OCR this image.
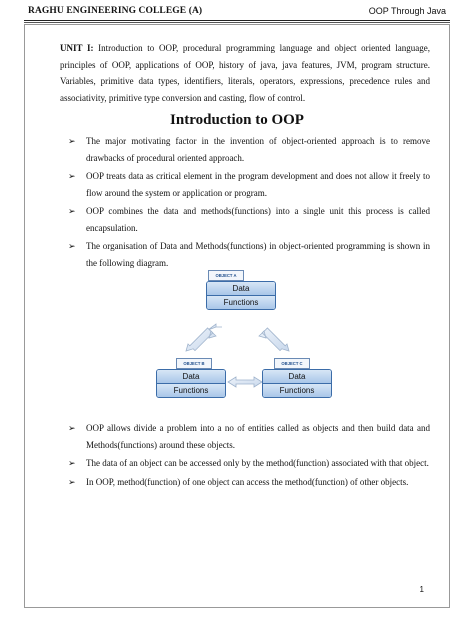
RAGHU ENGINEERING COLLEGE (A)	OOP Through Java
UNIT I: Introduction to OOP, procedural programming language and object oriented language, principles of OOP, applications of OOP, history of java, java features, JVM, program structure. Variables, primitive data types, identifiers, literals, operators, expressions, precedence rules and associativity, primitive type conversion and casting, flow of control.
Introduction to OOP
➢ The major motivating factor in the invention of object-oriented approach is to remove drawbacks of procedural oriented approach.
➢ OOP treats data as critical element in the program development and does not allow it freely to flow around the system or application or program.
➢ OOP combines the data and methods(functions) into a single unit this process is called encapsulation.
➢ The organisation of Data and Methods(functions) in object-oriented programming is shown in the following diagram.
OBJECT A
Data
Functions
OBJECT B
Data
Functions
OBJECT C
Data
Functions
➢ OOP allows divide a problem into a no of entities called as objects and then build data and Methods(functions) around these objects.
➢ The data of an object can be accessed only by the method(function) associated with that object.
➢ In OOP, method(function) of one object can access the method(function) of other objects.
1
